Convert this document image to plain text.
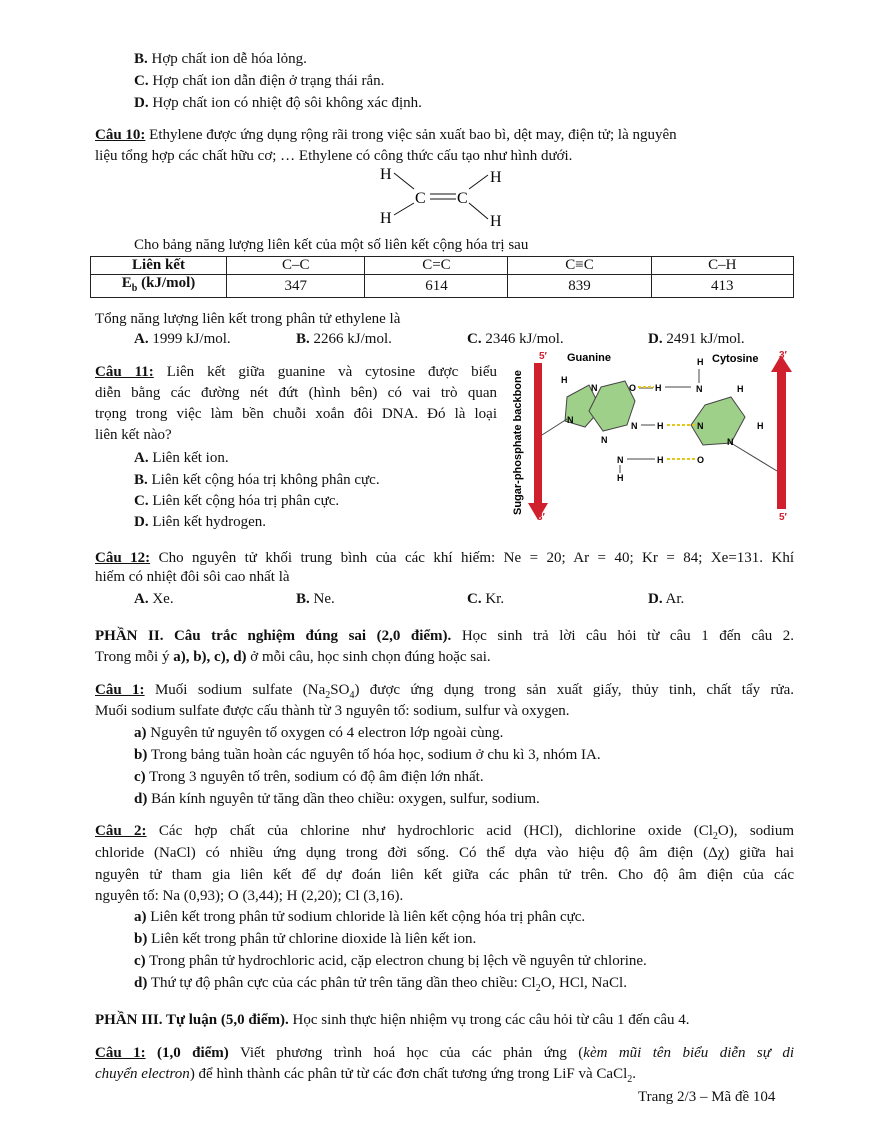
B. Hợp chất ion dễ hóa lỏng.
C. Hợp chất ion dẫn điện ở trạng thái rắn.
D. Hợp chất ion có nhiệt độ sôi không xác định.
Câu 10: Ethylene được ứng dụng rộng rãi trong việc sản xuất bao bì, dệt may, điện tử; là nguyên
liệu tổng hợp các chất hữu cơ; … Ethylene có công thức cấu tạo như hình dưới.
H	H
H	H
C C
Cho bảng năng lượng liên kết của một số liên kết cộng hóa trị sau
Liên kết	C–C	C=C	C≡C	C–H
$E_b$ (kJ/mol)	347	614	839	413
Tổng năng lượng liên kết trong phân tử ethylene là
A. 1999 kJ/mol.	B. 2266 kJ/mol.	C. 2346 kJ/mol.	D. 2491 kJ/mol.
Câu 11: Liên kết giữa guanine và cytosine được biểu
diễn bằng các đường nét đứt (hình bên) có vai trò quan
trọng trong việc làm bền chuỗi xoắn đôi DNA. Đó là loại
liên kết nào?
A. Liên kết ion.
B. Liên kết cộng hóa trị không phân cực.
C. Liên kết cộng hóa trị phân cực.
D. Liên kết hydrogen.
Sugar-phosphate backbone
5′
3′
3′
5′
Guanine	Cytosine
H
N
N
N
O
N
N
H
H
N	H
N	H
N
O
H
H
H
Câu 12: Cho nguyên tử khối trung bình của các khí hiếm: Ne = 20; Ar = 40; Kr = 84; Xe=131. Khí
hiếm có nhiệt đôi sôi cao nhất là
A. Xe.	B. Ne.	C. Kr.	D. Ar.
PHẦN II. Câu trắc nghiệm đúng sai (2,0 điểm). Học sinh trả lời câu hỏi từ câu 1 đến câu 2.
Trong mỗi ý a), b), c), d) ở mỗi câu, học sinh chọn đúng hoặc sai.
Câu 1: Muối sodium sulfate $(Na_2SO_4)$ được ứng dụng trong sản xuất giấy, thủy tinh, chất tẩy rửa.
Muối sodium sulfate được cấu thành từ 3 nguyên tố: sodium, sulfur và oxygen.
a) Nguyên tử nguyên tố oxygen có 4 electron lớp ngoài cùng.
b) Trong bảng tuần hoàn các nguyên tố hóa học, sodium ở chu kì 3, nhóm IA.
c) Trong 3 nguyên tố trên, sodium có độ âm điện lớn nhất.
d) Bán kính nguyên tử tăng dần theo chiều: oxygen, sulfur, sodium.
Câu 2: Các hợp chất của chlorine như hydrochloric acid (HCl), dichlorine oxide $(Cl_2O)$, sodium
chloride (NaCl) có nhiều ứng dụng trong đời sống. Có thể dựa vào hiệu độ âm điện (Δχ) giữa hai
nguyên tử tham gia liên kết để dự đoán liên kết giữa các phân tử trên. Cho độ âm điện của các
nguyên tố: Na (0,93); O (3,44); H (2,20); Cl (3,16).
a) Liên kết trong phân tử sodium chloride là liên kết cộng hóa trị phân cực.
b) Liên kết trong phân tử chlorine dioxide là liên kết ion.
c) Trong phân tử hydrochloric acid, cặp electron chung bị lệch về nguyên tử chlorine.
d) Thứ tự độ phân cực của các phân tử trên tăng dần theo chiều: $Cl_2O$, HCl, NaCl.
PHẦN III. Tự luận (5,0 điểm). Học sinh thực hiện nhiệm vụ trong các câu hỏi từ câu 1 đến câu 4.
Câu 1: (1,0 điểm) Viết phương trình hoá học của các phản ứng (kèm mũi tên biểu diễn sự di
chuyển electron) để hình thành các phân tử từ các đơn chất tương ứng trong LiF và CaCl$_2$.
Trang 2/3 – Mã đề 104
